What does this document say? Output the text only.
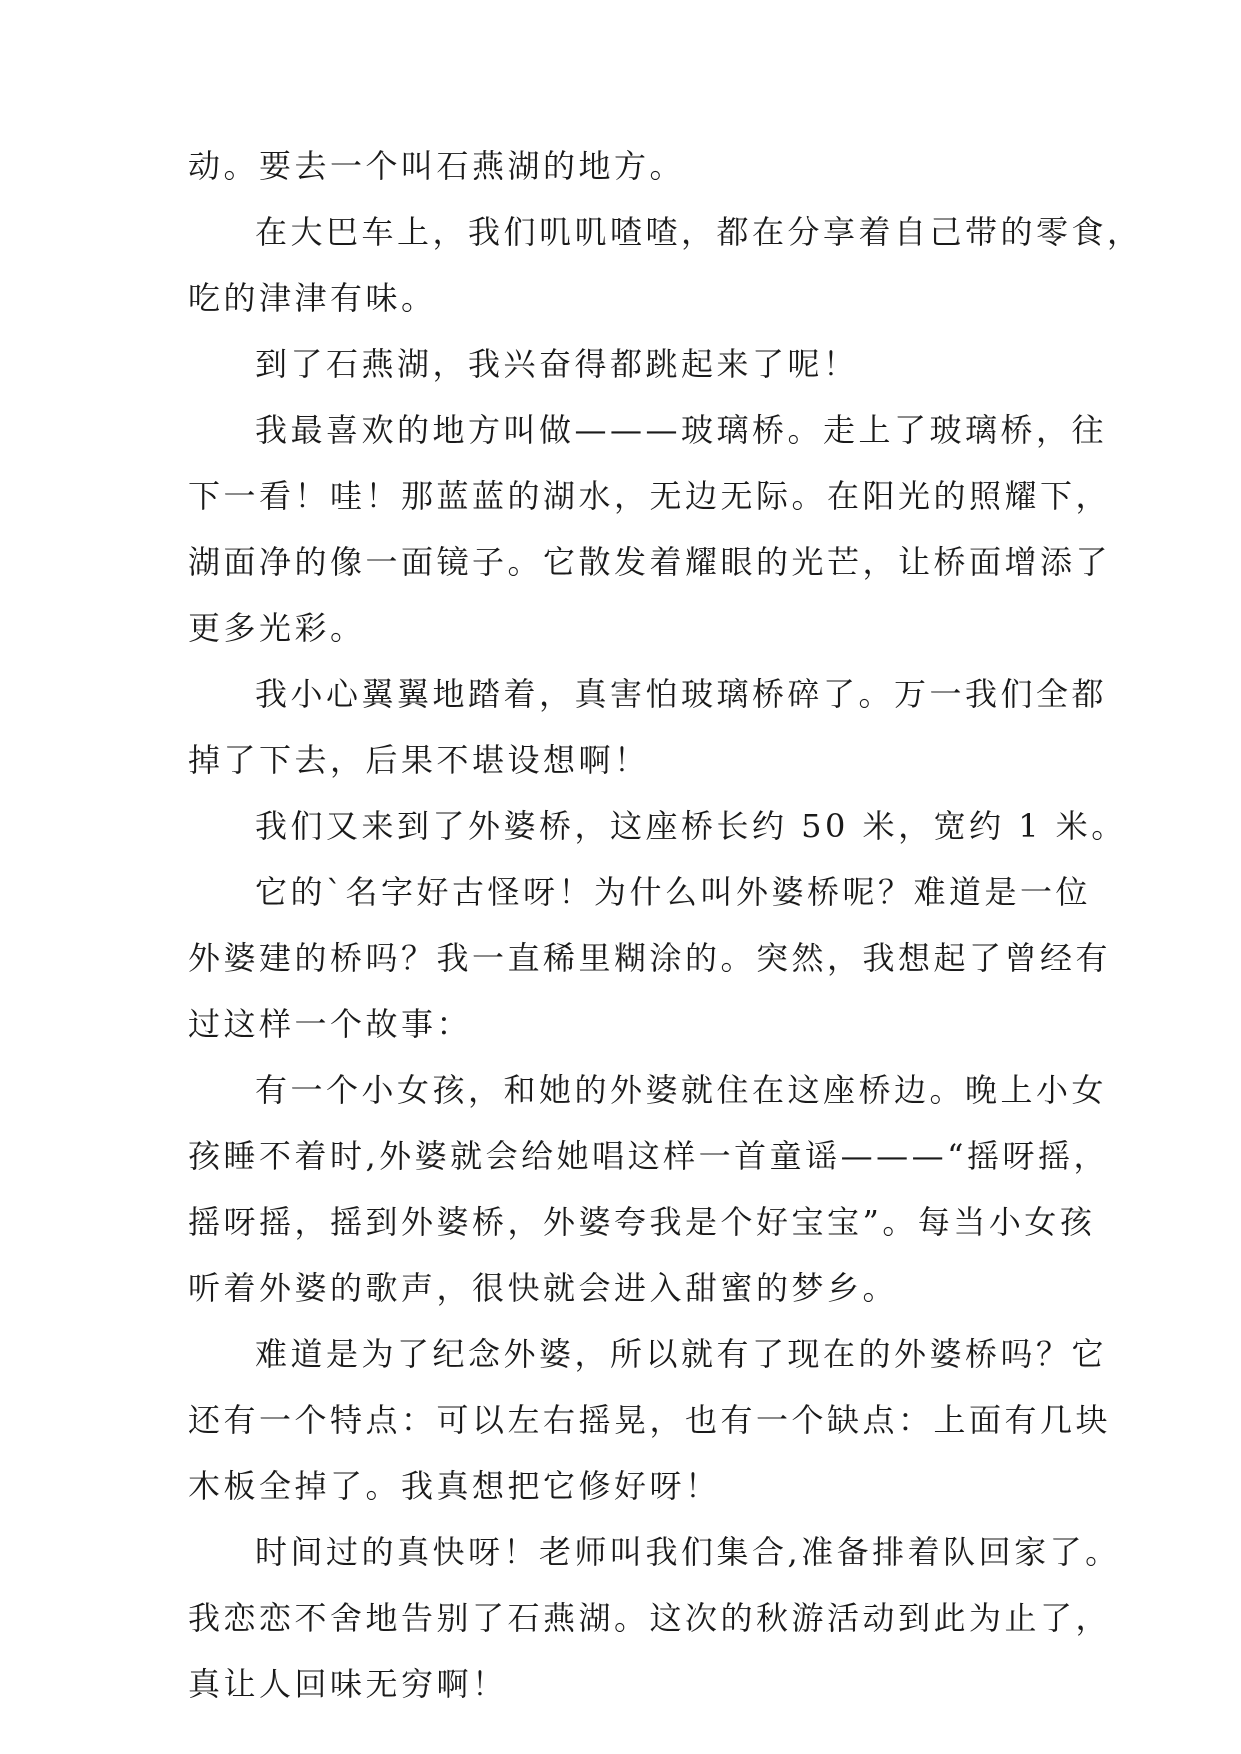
动。要去一个叫石燕湖的地方。

在大巴车上，我们叽叽喳喳，都在分享着自己带的零食，

吃的津津有味。

到了石燕湖，我兴奋得都跳起来了呢！

我最喜欢的地方叫做———玻璃桥。走上了玻璃桥，往

下一看！哇！那蓝蓝的湖水，无边无际。在阳光的照耀下，

湖面净的像一面镜子。它散发着耀眼的光芒，让桥面增添了

更多光彩。

我小心翼翼地踏着，真害怕玻璃桥碎了。万一我们全都

掉了下去，后果不堪设想啊！

我们又来到了外婆桥，这座桥长约 50 米，宽约 1 米。

它的`名字好古怪呀！为什么叫外婆桥呢？难道是一位

外婆建的桥吗？我一直稀里糊涂的。突然，我想起了曾经有

过这样一个故事：

有一个小女孩，和她的外婆就住在这座桥边。晚上小女

孩睡不着时,外婆就会给她唱这样一首童谣———“摇呀摇，

摇呀摇，摇到外婆桥，外婆夸我是个好宝宝”。每当小女孩

听着外婆的歌声，很快就会进入甜蜜的梦乡。

难道是为了纪念外婆，所以就有了现在的外婆桥吗？它

还有一个特点：可以左右摇晃，也有一个缺点：上面有几块

木板全掉了。我真想把它修好呀！

时间过的真快呀！老师叫我们集合,准备排着队回家了。

我恋恋不舍地告别了石燕湖。这次的秋游活动到此为止了，

真让人回味无穷啊！
